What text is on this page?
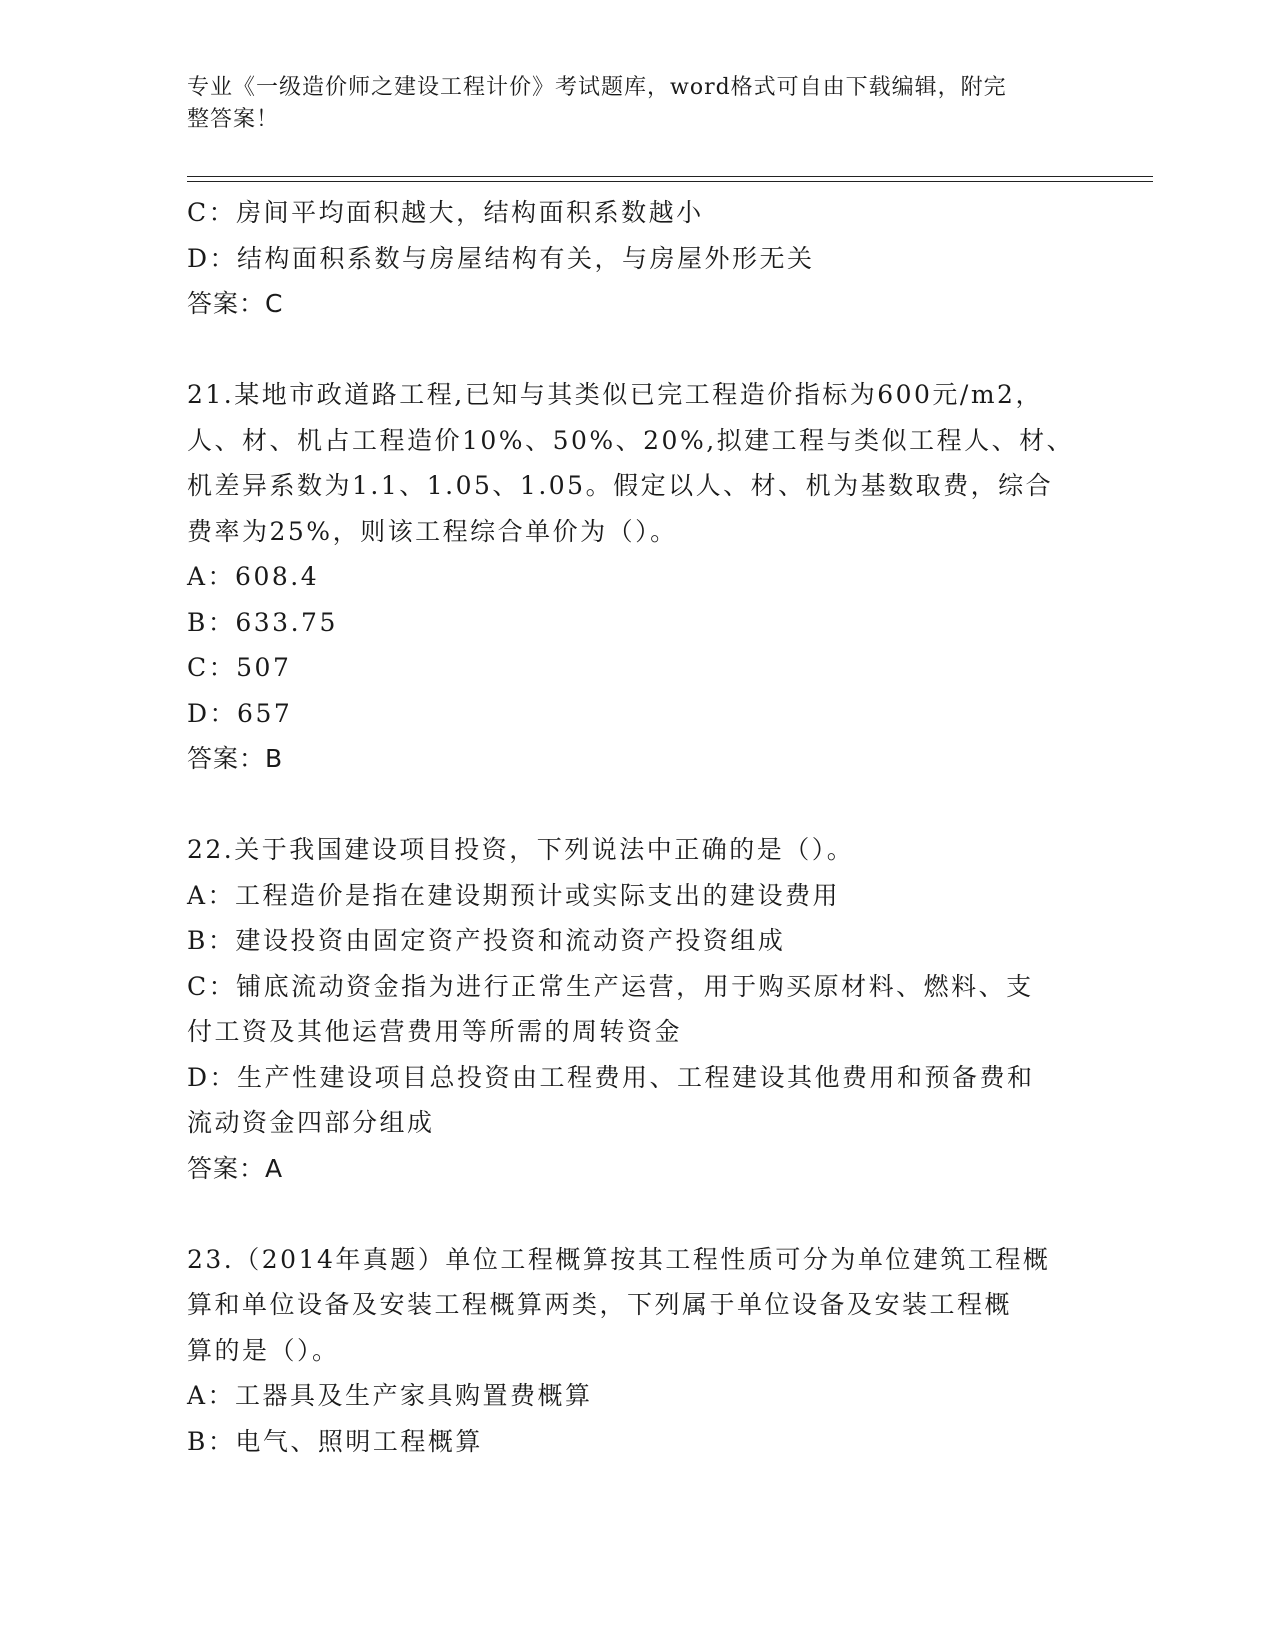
专业《一级造价师之建设工程计价》考试题库，word格式可自由下载编辑，附完
整答案！
C：房间平均面积越大，结构面积系数越小
D：结构面积系数与房屋结构有关，与房屋外形无关
答案：C
21.某地市政道路工程,已知与其类似已完工程造价指标为600元/m2，
人、材、机占工程造价10%、50%、20%,拟建工程与类似工程人、材、
机差异系数为1.1、1.05、1.05。假定以人、材、机为基数取费，综合
费率为25%，则该工程综合单价为（）。
A：608.4
B：633.75
C：507
D：657
答案：B
22.关于我国建设项目投资，下列说法中正确的是（）。
A：工程造价是指在建设期预计或实际支出的建设费用
B：建设投资由固定资产投资和流动资产投资组成
C：铺底流动资金指为进行正常生产运营，用于购买原材料、燃料、支
付工资及其他运营费用等所需的周转资金
D：生产性建设项目总投资由工程费用、工程建设其他费用和预备费和
流动资金四部分组成
答案：A
23.（2014年真题）单位工程概算按其工程性质可分为单位建筑工程概
算和单位设备及安装工程概算两类，下列属于单位设备及安装工程概
算的是（）。
A：工器具及生产家具购置费概算
B：电气、照明工程概算
